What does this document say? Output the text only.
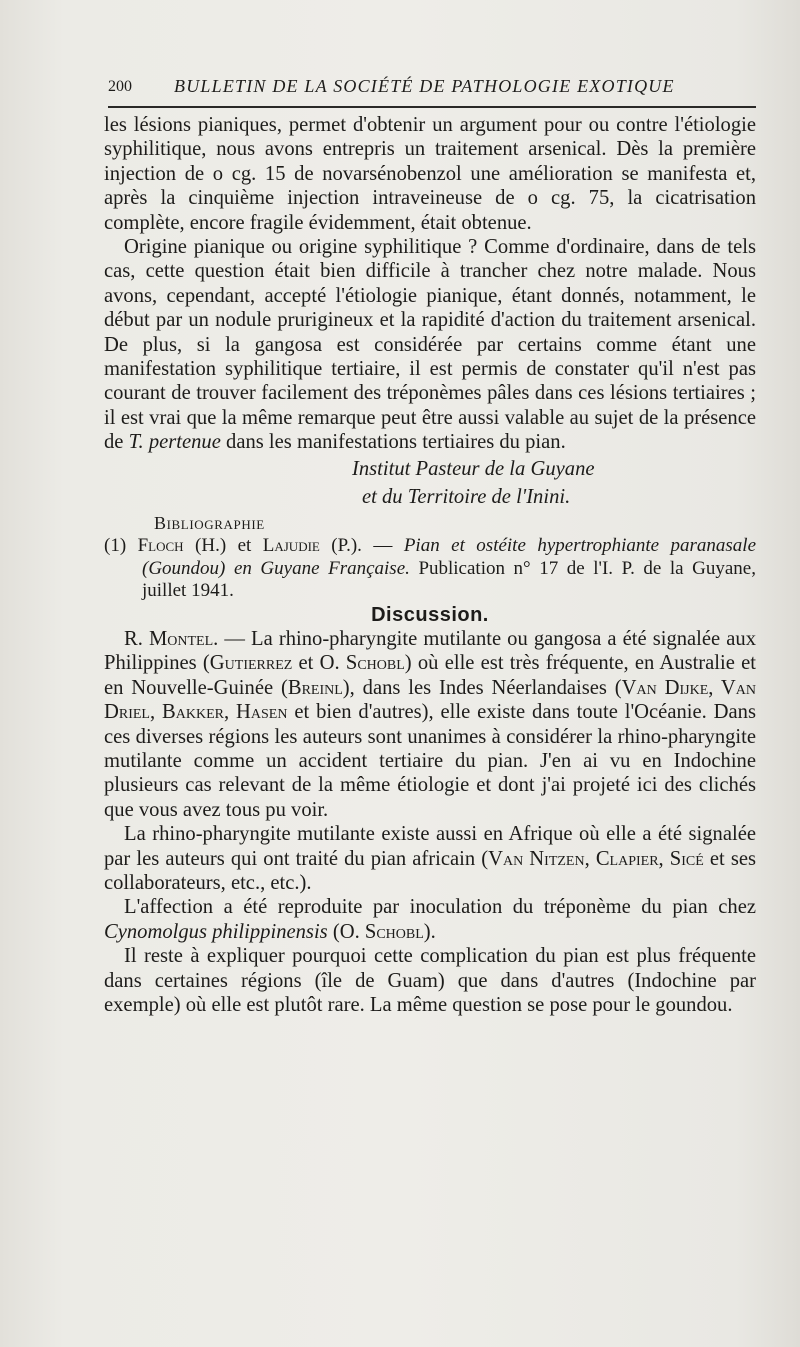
200 BULLETIN DE LA SOCIÉTÉ DE PATHOLOGIE EXOTIQUE

les lésions pianiques, permet d'obtenir un argument pour ou contre l'étiologie syphilitique, nous avons entrepris un traitement arsenical. Dès la première injection de o cg. 15 de novarsénobenzol une amélioration se manifesta et, après la cinquième injection intraveineuse de o cg. 75, la cicatrisation complète, encore fragile évidemment, était obtenue.

Origine pianique ou origine syphilitique ? Comme d'ordinaire, dans de tels cas, cette question était bien difficile à trancher chez notre malade. Nous avons, cependant, accepté l'étiologie pianique, étant donnés, notamment, le début par un nodule prurigineux et la rapidité d'action du traitement arsenical. De plus, si la gangosa est considérée par certains comme étant une manifestation syphilitique tertiaire, il est permis de constater qu'il n'est pas courant de trouver facilement des tréponèmes pâles dans ces lésions tertiaires ; il est vrai que la même remarque peut être aussi valable au sujet de la présence de T. pertenue dans les manifestations tertiaires du pian.

Institut Pasteur de la Guyane
et du Territoire de l'Inini.

Bibliographie

(1) Floch (H.) et Lajudie (P.). — Pian et ostéite hypertrophiante paranasale (Goundou) en Guyane Française. Publication n° 17 de l'I. P. de la Guyane, juillet 1941.

Discussion.

R. Montel. — La rhino-pharyngite mutilante ou gangosa a été signalée aux Philippines (Gutierrez et O. Schobl) où elle est très fréquente, en Australie et en Nouvelle-Guinée (Breinl), dans les Indes Néerlandaises (Van Dijke, Van Driel, Bakker, Hasen et bien d'autres), elle existe dans toute l'Océanie. Dans ces diverses régions les auteurs sont unanimes à considérer la rhino-pharyngite mutilante comme un accident tertiaire du pian. J'en ai vu en Indochine plusieurs cas relevant de la même étiologie et dont j'ai projeté ici des clichés que vous avez tous pu voir.

La rhino-pharyngite mutilante existe aussi en Afrique où elle a été signalée par les auteurs qui ont traité du pian africain (Van Nitzen, Clapier, Sicé et ses collaborateurs, etc., etc.).

L'affection a été reproduite par inoculation du tréponème du pian chez Cynomolgus philippinensis (O. Schobl).

Il reste à expliquer pourquoi cette complication du pian est plus fréquente dans certaines régions (île de Guam) que dans d'autres (Indochine par exemple) où elle est plutôt rare. La même question se pose pour le goundou.
